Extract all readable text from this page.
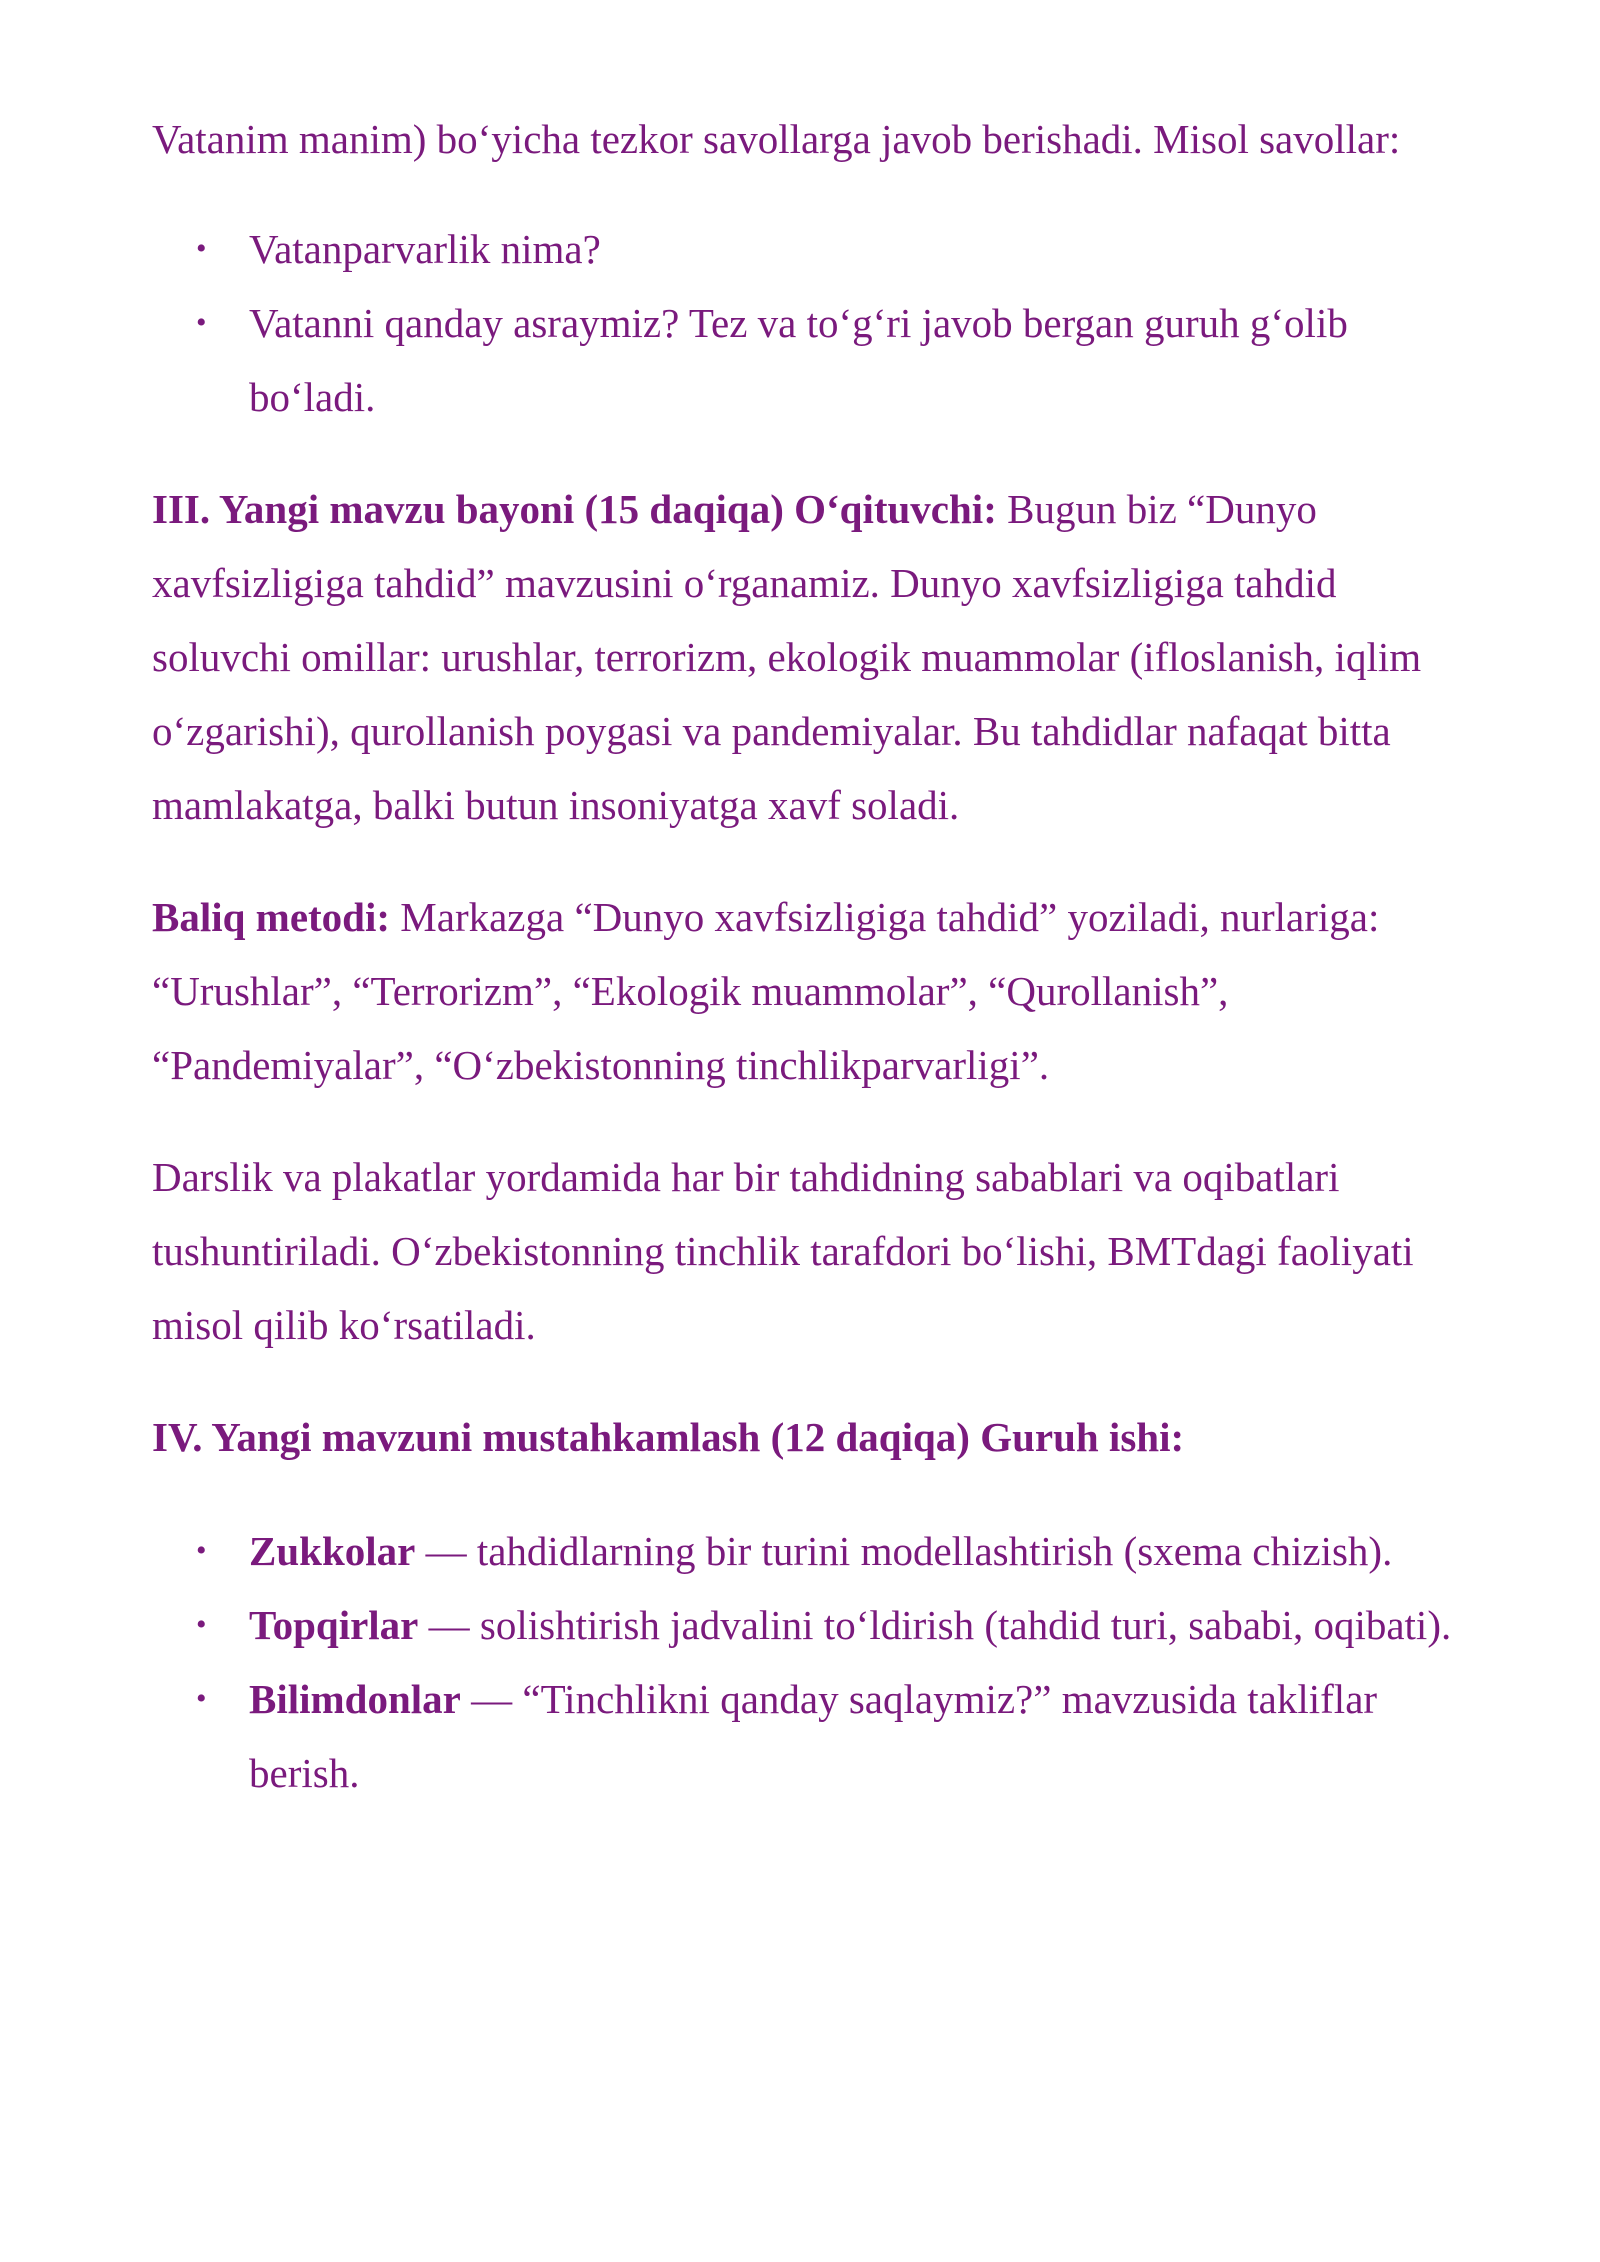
Vatanim manim) bo‘yicha tezkor savollarga javob berishadi. Misol savollar:

• Vatanparvarlik nima?
• Vatanni qanday asraymiz? Tez va to‘g‘ri javob bergan guruh g‘olib bo‘ladi.

III. Yangi mavzu bayoni (15 daqiqa) O‘qituvchi: Bugun biz “Dunyo xavfsizligiga tahdid” mavzusini o‘rganamiz. Dunyo xavfsizligiga tahdid soluvchi omillar: urushlar, terrorizm, ekologik muammolar (ifloslanish, iqlim o‘zgarishi), qurollanish poygasi va pandemiyalar. Bu tahdidlar nafaqat bitta mamlakatga, balki butun insoniyatga xavf soladi.

Baliq metodi: Markazga “Dunyo xavfsizligiga tahdid” yoziladi, nurlariga: “Urushlar”, “Terrorizm”, “Ekologik muammolar”, “Qurollanish”, “Pandemiyalar”, “O‘zbekistonning tinchlikparvarligi”.

Darslik va plakatlar yordamida har bir tahdidning sabablari va oqibatlari tushuntiriladi. O‘zbekistonning tinchlik tarafdori bo‘lishi, BMTdagi faoliyati misol qilib ko‘rsatiladi.

IV. Yangi mavzuni mustahkamlash (12 daqiqa) Guruh ishi:

• Zukkolar — tahdidlarning bir turini modellashtirish (sxema chizish).
• Topqirlar — solishtirish jadvalini to‘ldirish (tahdid turi, sababi, oqibati).
• Bilimdonlar — “Tinchlikni qanday saqlaymiz?” mavzusida takliflar berish.
